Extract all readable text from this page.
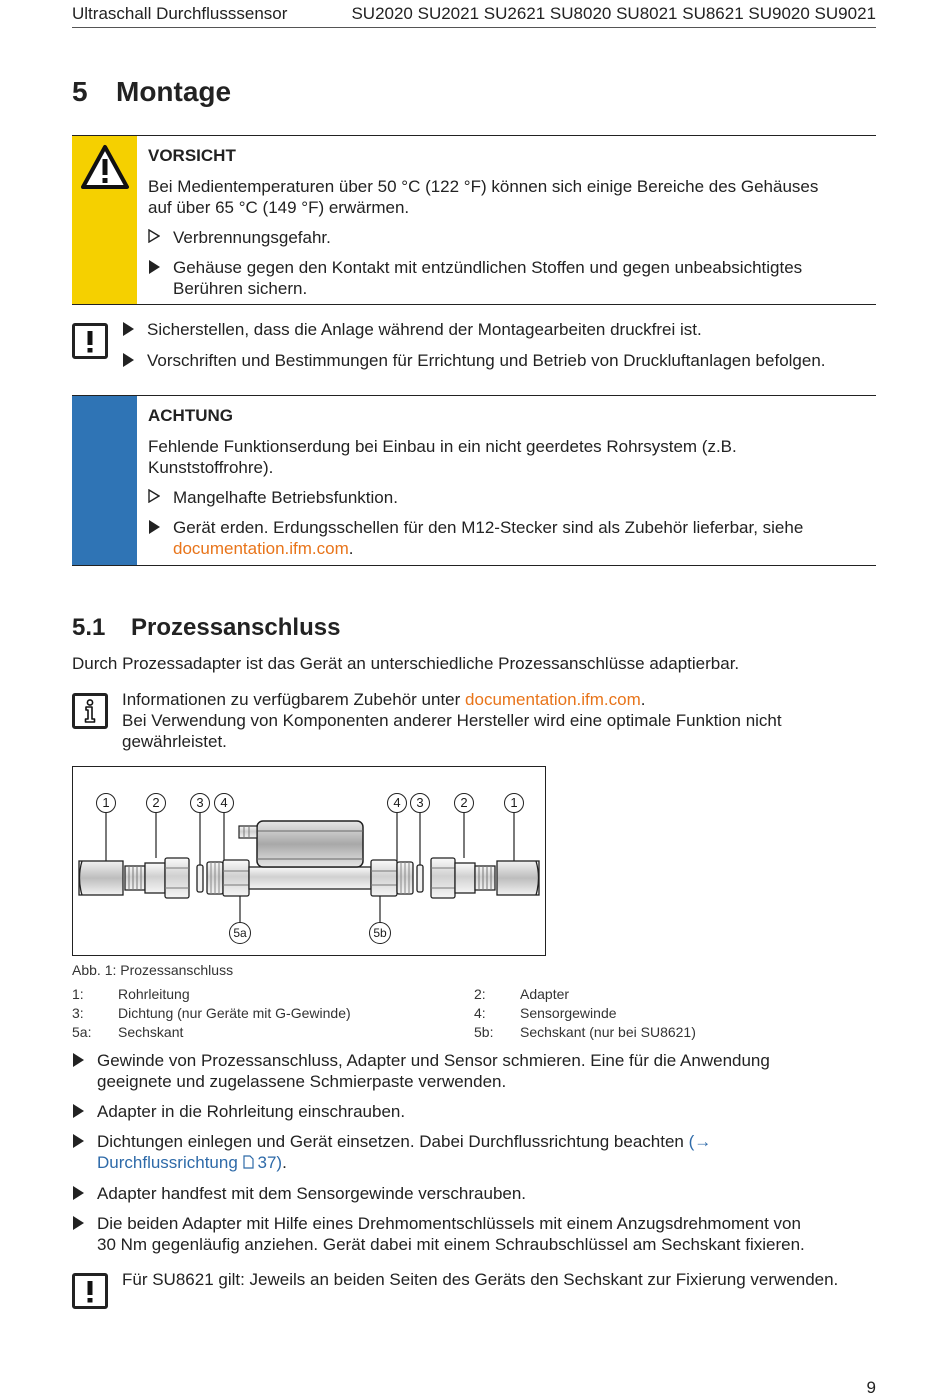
Ultraschall Durchflusssensor	SU2020 SU2021 SU2621 SU8020 SU8021 SU8621 SU9020 SU9021
5 Montage
VORSICHT
Bei Medientemperaturen über 50 °C (122 °F) können sich einige Bereiche des Gehäuses
auf über 65 °C (149 °F) erwärmen.
Verbrennungsgefahr.
Gehäuse gegen den Kontakt mit entzündlichen Stoffen und gegen unbeabsichtigtes
Berühren sichern.
Sicherstellen, dass die Anlage während der Montagearbeiten druckfrei ist.
Vorschriften und Bestimmungen für Errichtung und Betrieb von Druckluftanlagen befolgen.
ACHTUNG
Fehlende Funktionserdung bei Einbau in ein nicht geerdetes Rohrsystem (z.B.
Kunststoffrohre).
Mangelhafte Betriebsfunktion.
Gerät erden. Erdungsschellen für den M12-Stecker sind als Zubehör lieferbar, siehe
documentation.ifm.com.
5.1 Prozessanschluss
Durch Prozessadapter ist das Gerät an unterschiedliche Prozessanschlüsse adaptierbar.
Informationen zu verfügbarem Zubehör unter documentation.ifm.com.
Bei Verwendung von Komponenten anderer Hersteller wird eine optimale Funktion nicht
gewährleistet.
1	2	3	4	4	3	2	1
5a	5b
Abb. 1: Prozessanschluss
1: Rohrleitung	2: Adapter
3: Dichtung (nur Geräte mit G-Gewinde)	4: Sensorgewinde
5a: Sechskant	5b: Sechskant (nur bei SU8621)
Gewinde von Prozessanschluss, Adapter und Sensor schmieren. Eine für die Anwendung
geeignete und zugelassene Schmierpaste verwenden.
Adapter in die Rohrleitung einschrauben.
Dichtungen einlegen und Gerät einsetzen. Dabei Durchflussrichtung beachten (→
Durchflussrichtung 37).
Adapter handfest mit dem Sensorgewinde verschrauben.
Die beiden Adapter mit Hilfe eines Drehmomentschlüssels mit einem Anzugsdrehmoment von
30 Nm gegenläufig anziehen. Gerät dabei mit einem Schraubschlüssel am Sechskant fixieren.
Für SU8621 gilt: Jeweils an beiden Seiten des Geräts den Sechskant zur Fixierung verwenden.
9
